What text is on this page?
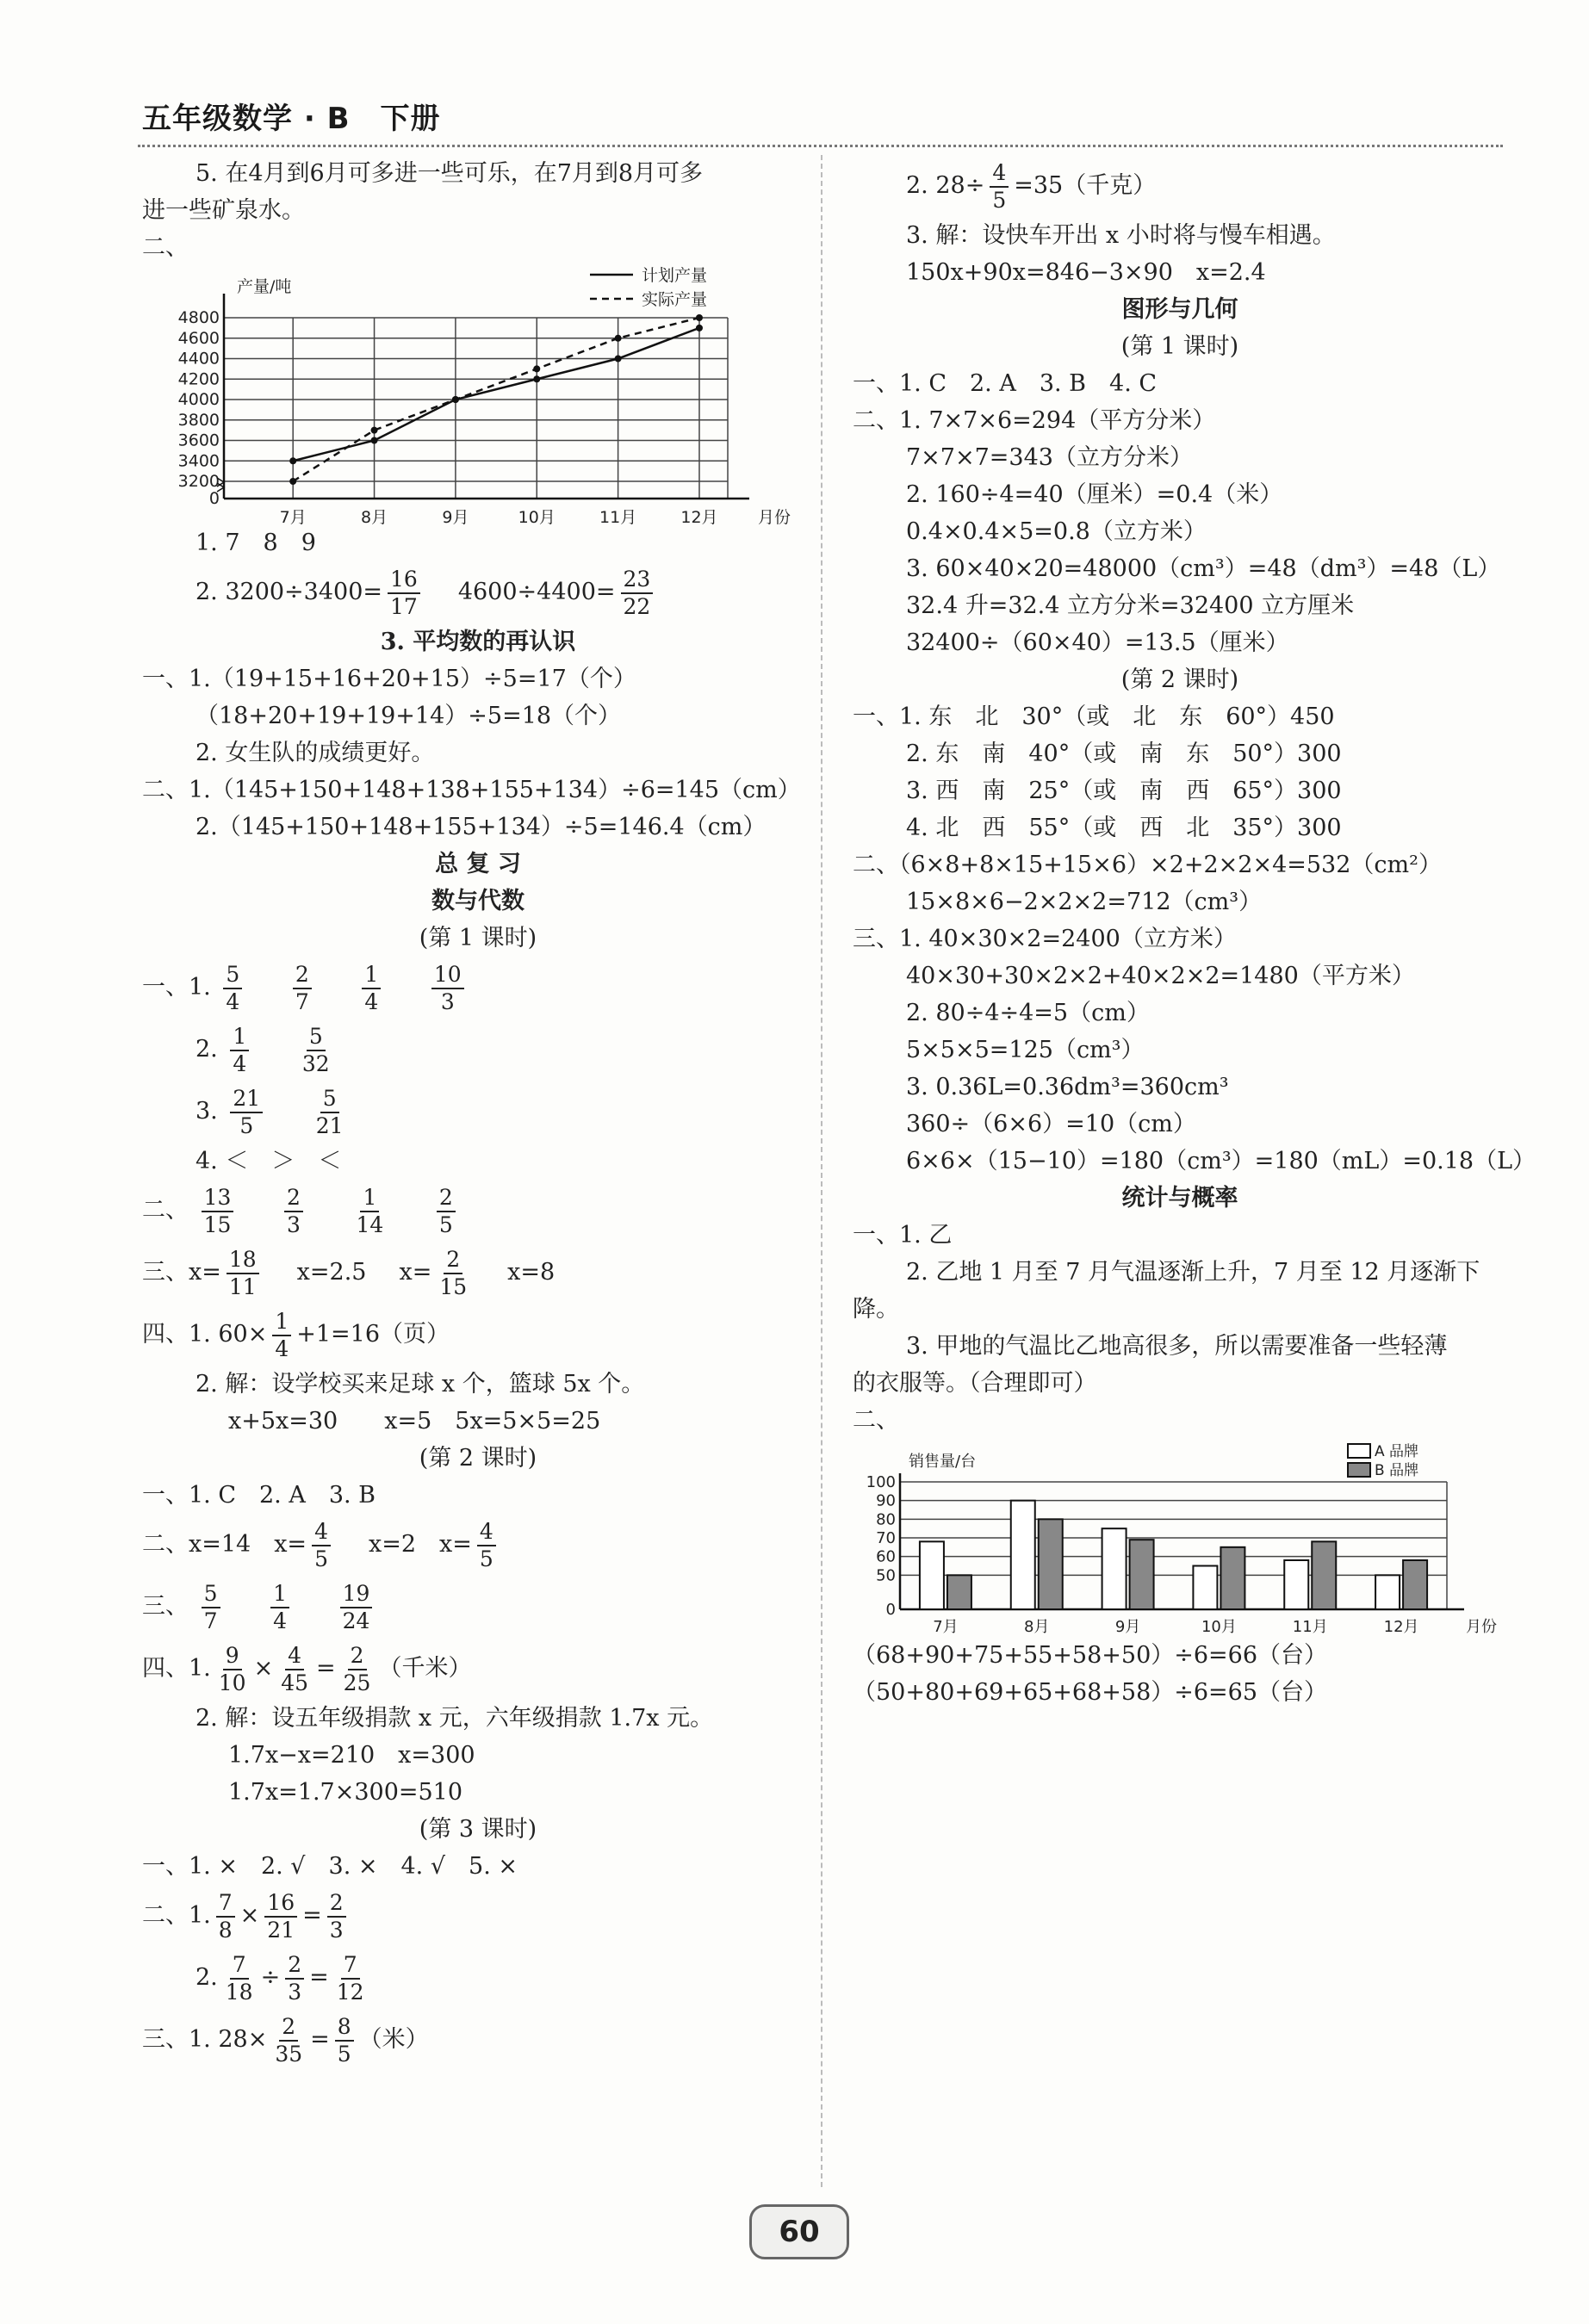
五年级数学 · B　下册
5. 在4月到6月可多进一些可乐，在7月到8月可多
进一些矿泉水。
二、
3200
3400
3600
3800
4000
4200
4400
4600
4800
0
产量/吨
月份
7月	8月	9月	10月	11月	12月
计划产量
实际产量
1. 7　8　9
2. $3200\div 3400= \frac{16}{17} 4600\div 4400= \frac{23}{22}$
3. 平均数的再认识
一、1.（19+15+16+20+15）÷5=17（个）
（18+20+19+19+14）÷5=18（个）
2. 女生队的成绩更好。
二、1.（145+150+148+138+155+134）÷6=145（cm）
2.（145+150+148+155+134）÷5=146.4（cm）
总 复 习
数与代数
(第 1 课时)
一、1. $\frac{5}{4}$
$\frac{2}{7}$
$\frac{1}{4}$
$\frac{10}{3}$
2. $\frac{1}{4}$
$\frac{5}{32}$
3. $\frac{21}{5}$
$\frac{5}{21}$
4. ＜　＞　＜
二、 $\frac{13}{15}$
$\frac{2}{3}$
$\frac{1}{14}$
$\frac{2}{5}$
三、$x= \frac{18}{11} x=2.5$ $x= \frac{2}{15} x=8$
四、1. $60\times \frac{1}{4} +1=16$（页）
2. 解：设学校买来足球 x 个，篮球 5x 个。
x+5x=30　　x=5　5x=5×5=25
(第 2 课时)
一、1. C　2. A　3. B
二、x=14　$x= \frac{4}{5} x=2$　$x= \frac{4}{5}$
三、 $\frac{5}{7}$
$\frac{1}{4}$
$\frac{19}{24}$
四、1. $\frac{9}{10} \times \frac{4}{45} = \frac{2}{25}$ （千米）
2. 解：设五年级捐款 x 元，六年级捐款 1.7x 元。
1.7x−x=210　x=300
1.7x=1.7×300=510
(第 3 课时)
一、1. ×　2. √　3. ×　4. √　5. ×
二、1. $\frac{7}{8} \times \frac{16}{21} = \frac{2}{3}$
2. $\frac{7}{18} \div \frac{2}{3} = \frac{7}{12}$
三、1. $28\times \frac{2}{35} = \frac{8}{5}$ （米）
2. $28\div \frac{4}{5} =35$（千克）
3. 解：设快车开出 x 小时将与慢车相遇。
150x+90x=846−3×90　x=2.4
图形与几何
(第 1 课时)
一、1. C　2. A　3. B　4. C
二、1. 7×7×6=294（平方分米）
7×7×7=343（立方分米）
2. 160÷4=40（厘米）=0.4（米）
0.4×0.4×5=0.8（立方米）
3. 60×40×20=48000（cm³）=48（dm³）=48（L）
32.4 升=32.4 立方分米=32400 立方厘米
32400÷（60×40）=13.5（厘米）
(第 2 课时)
一、1. 东　北　30°（或　北　东　60°）450
2. 东　南　40°（或　南　东　50°）300
3. 西　南　25°（或　南　西　65°）300
4. 北　西　55°（或　西　北　35°）300
二、（6×8+8×15+15×6）×2+2×2×4=532（cm²）
15×8×6−2×2×2=712（cm³）
三、1. 40×30×2=2400（立方米）
40×30+30×2×2+40×2×2=1480（平方米）
2. 80÷4÷4=5（cm）
5×5×5=125（cm³）
3. 0.36L=0.36dm³=360cm³
360÷（6×6）=10（cm）
6×6×（15−10）=180（cm³）=180（mL）=0.18（L）
统计与概率
一、1. 乙
2. 乙地 1 月至 7 月气温逐渐上升，7 月至 12 月逐渐下
降。
3. 甲地的气温比乙地高很多，所以需要准备一些轻薄
的衣服等。（合理即可）
二、
50
60
70
80
90
100
0
销售量/台
月份
7月	8月	9月	10月	11月	12月
A 品牌
B 品牌
（68+90+75+55+58+50）÷6=66（台）
（50+80+69+65+68+58）÷6=65（台）
60
